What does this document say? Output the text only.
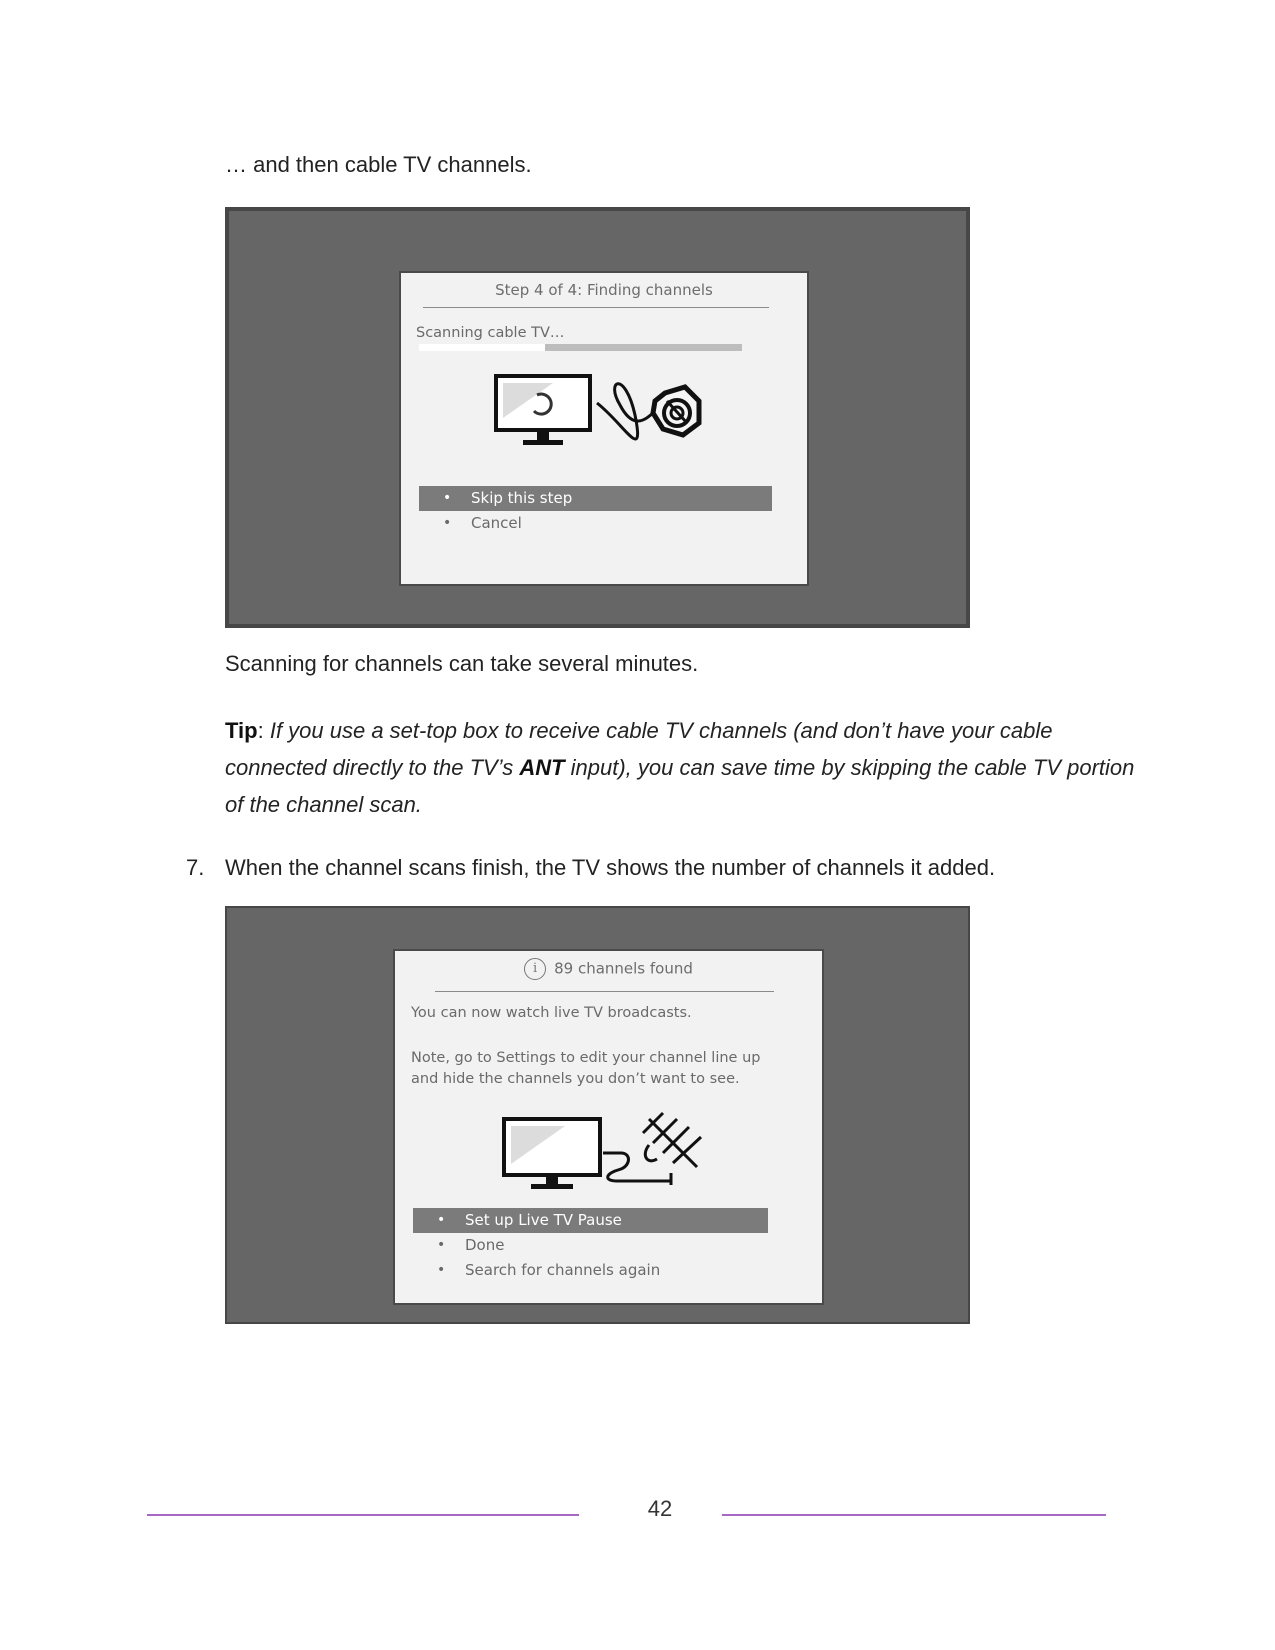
… and then cable TV channels.

Step 4 of 4: Finding channels
Scanning cable TV…
• Skip this step
• Cancel

Scanning for channels can take several minutes.

Tip: If you use a set-top box to receive cable TV channels (and don’t have your cable connected directly to the TV’s ANT input), you can save time by skipping the cable TV portion of the channel scan.

7. When the channel scans finish, the TV shows the number of channels it added.
i 89 channels found
You can now watch live TV broadcasts.
Note, go to Settings to edit your channel line up
and hide the channels you don’t want to see.
• Set up Live TV Pause
• Done
• Search for channels again
42
